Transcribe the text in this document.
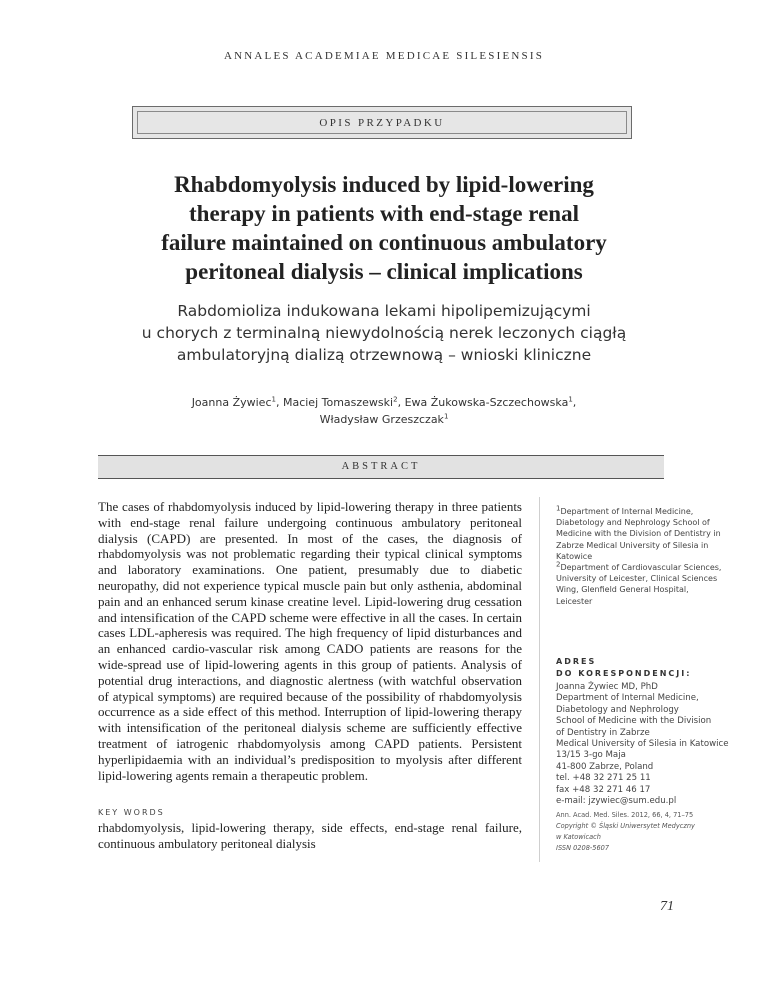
ANNALES ACADEMIAE MEDICAE SILESIENSIS
OPIS PRZYPADKU
Rhabdomyolysis induced by lipid-lowering
therapy in patients with end-stage renal
failure maintained on continuous ambulatory
peritoneal dialysis – clinical implications
Rabdomioliza indukowana lekami hipolipemizującymi
u chorych z terminalną niewydolnością nerek leczonych ciągłą
ambulatoryjną dializą otrzewnową – wnioski kliniczne
Joanna Żywiec$^1$, Maciej Tomaszewski$^2$, Ewa Żukowska-Szczechowska$^1$,
Władysław Grzeszczak$^1$
ABSTRACT
The cases of rhabdomyolysis induced by lipid-lowering therapy in three patients with end-stage renal failure undergoing continuous ambulatory peritoneal dialysis (CAPD) are presented. In most of the cases, the diagnosis of rhabdomyolysis was not problematic regarding their typical clinical symptoms and laboratory examinations. One patient, presumably due to diabetic neuropathy, did not experience typical muscle pain but only asthenia, abdominal pain and an enhanced serum kinase creatine level. Lipid-lowering drug cessation and intensification of the CAPD scheme were effective in all the cases. In certain cases LDL-apheresis was required. The high frequency of lipid disturbances and an enhanced cardio-vascular risk among CADO patients are reasons for the wide-spread use of lipid-lowering agents in this group of patients. Analysis of potential drug interactions, and diagnostic alertness (with watchful observation of atypical symptoms) are required because of the possibility of rhabdomyolysis occurrence as a side effect of this method. Interruption of lipid-lowering therapy with intensification of the peritoneal dialysis scheme are sufficiently effective treatment of iatrogenic rhabdomyolysis among CAPD patients. Persistent hyperlipidaemia with an individual’s predisposition to myolysis after different lipid-lowering agents remain a therapeutic problem.
KEY WORDS
rhabdomyolysis, lipid-lowering therapy, side effects, end-stage renal failure, continuous ambulatory peritoneal dialysis

$^1$Department of Internal Medicine, Diabetology and Nephrology School of Medicine with the Division of Dentistry in Zabrze Medical University of Silesia in Katowice

$^2$Department of Cardiovascular Sciences, University of Leicester, Clinical Sciences Wing, Glenfield General Hospital, Leicester

ADRES
DO KORESPONDENCJI:
Joanna Żywiec MD, PhD
Department of Internal Medicine,
Diabetology and Nephrology
School of Medicine with the Division
of Dentistry in Zabrze
Medical University of Silesia in Katowice
13/15 3-go Maja
41-800 Zabrze, Poland
tel. +48 32 271 25 11
fax +48 32 271 46 17
e-mail: jzywiec@sum.edu.pl
Ann. Acad. Med. Siles. 2012, 66, 4, 71–75
Copyright © Śląski Uniwersytet Medyczny
w Katowicach
ISSN 0208-5607
71
